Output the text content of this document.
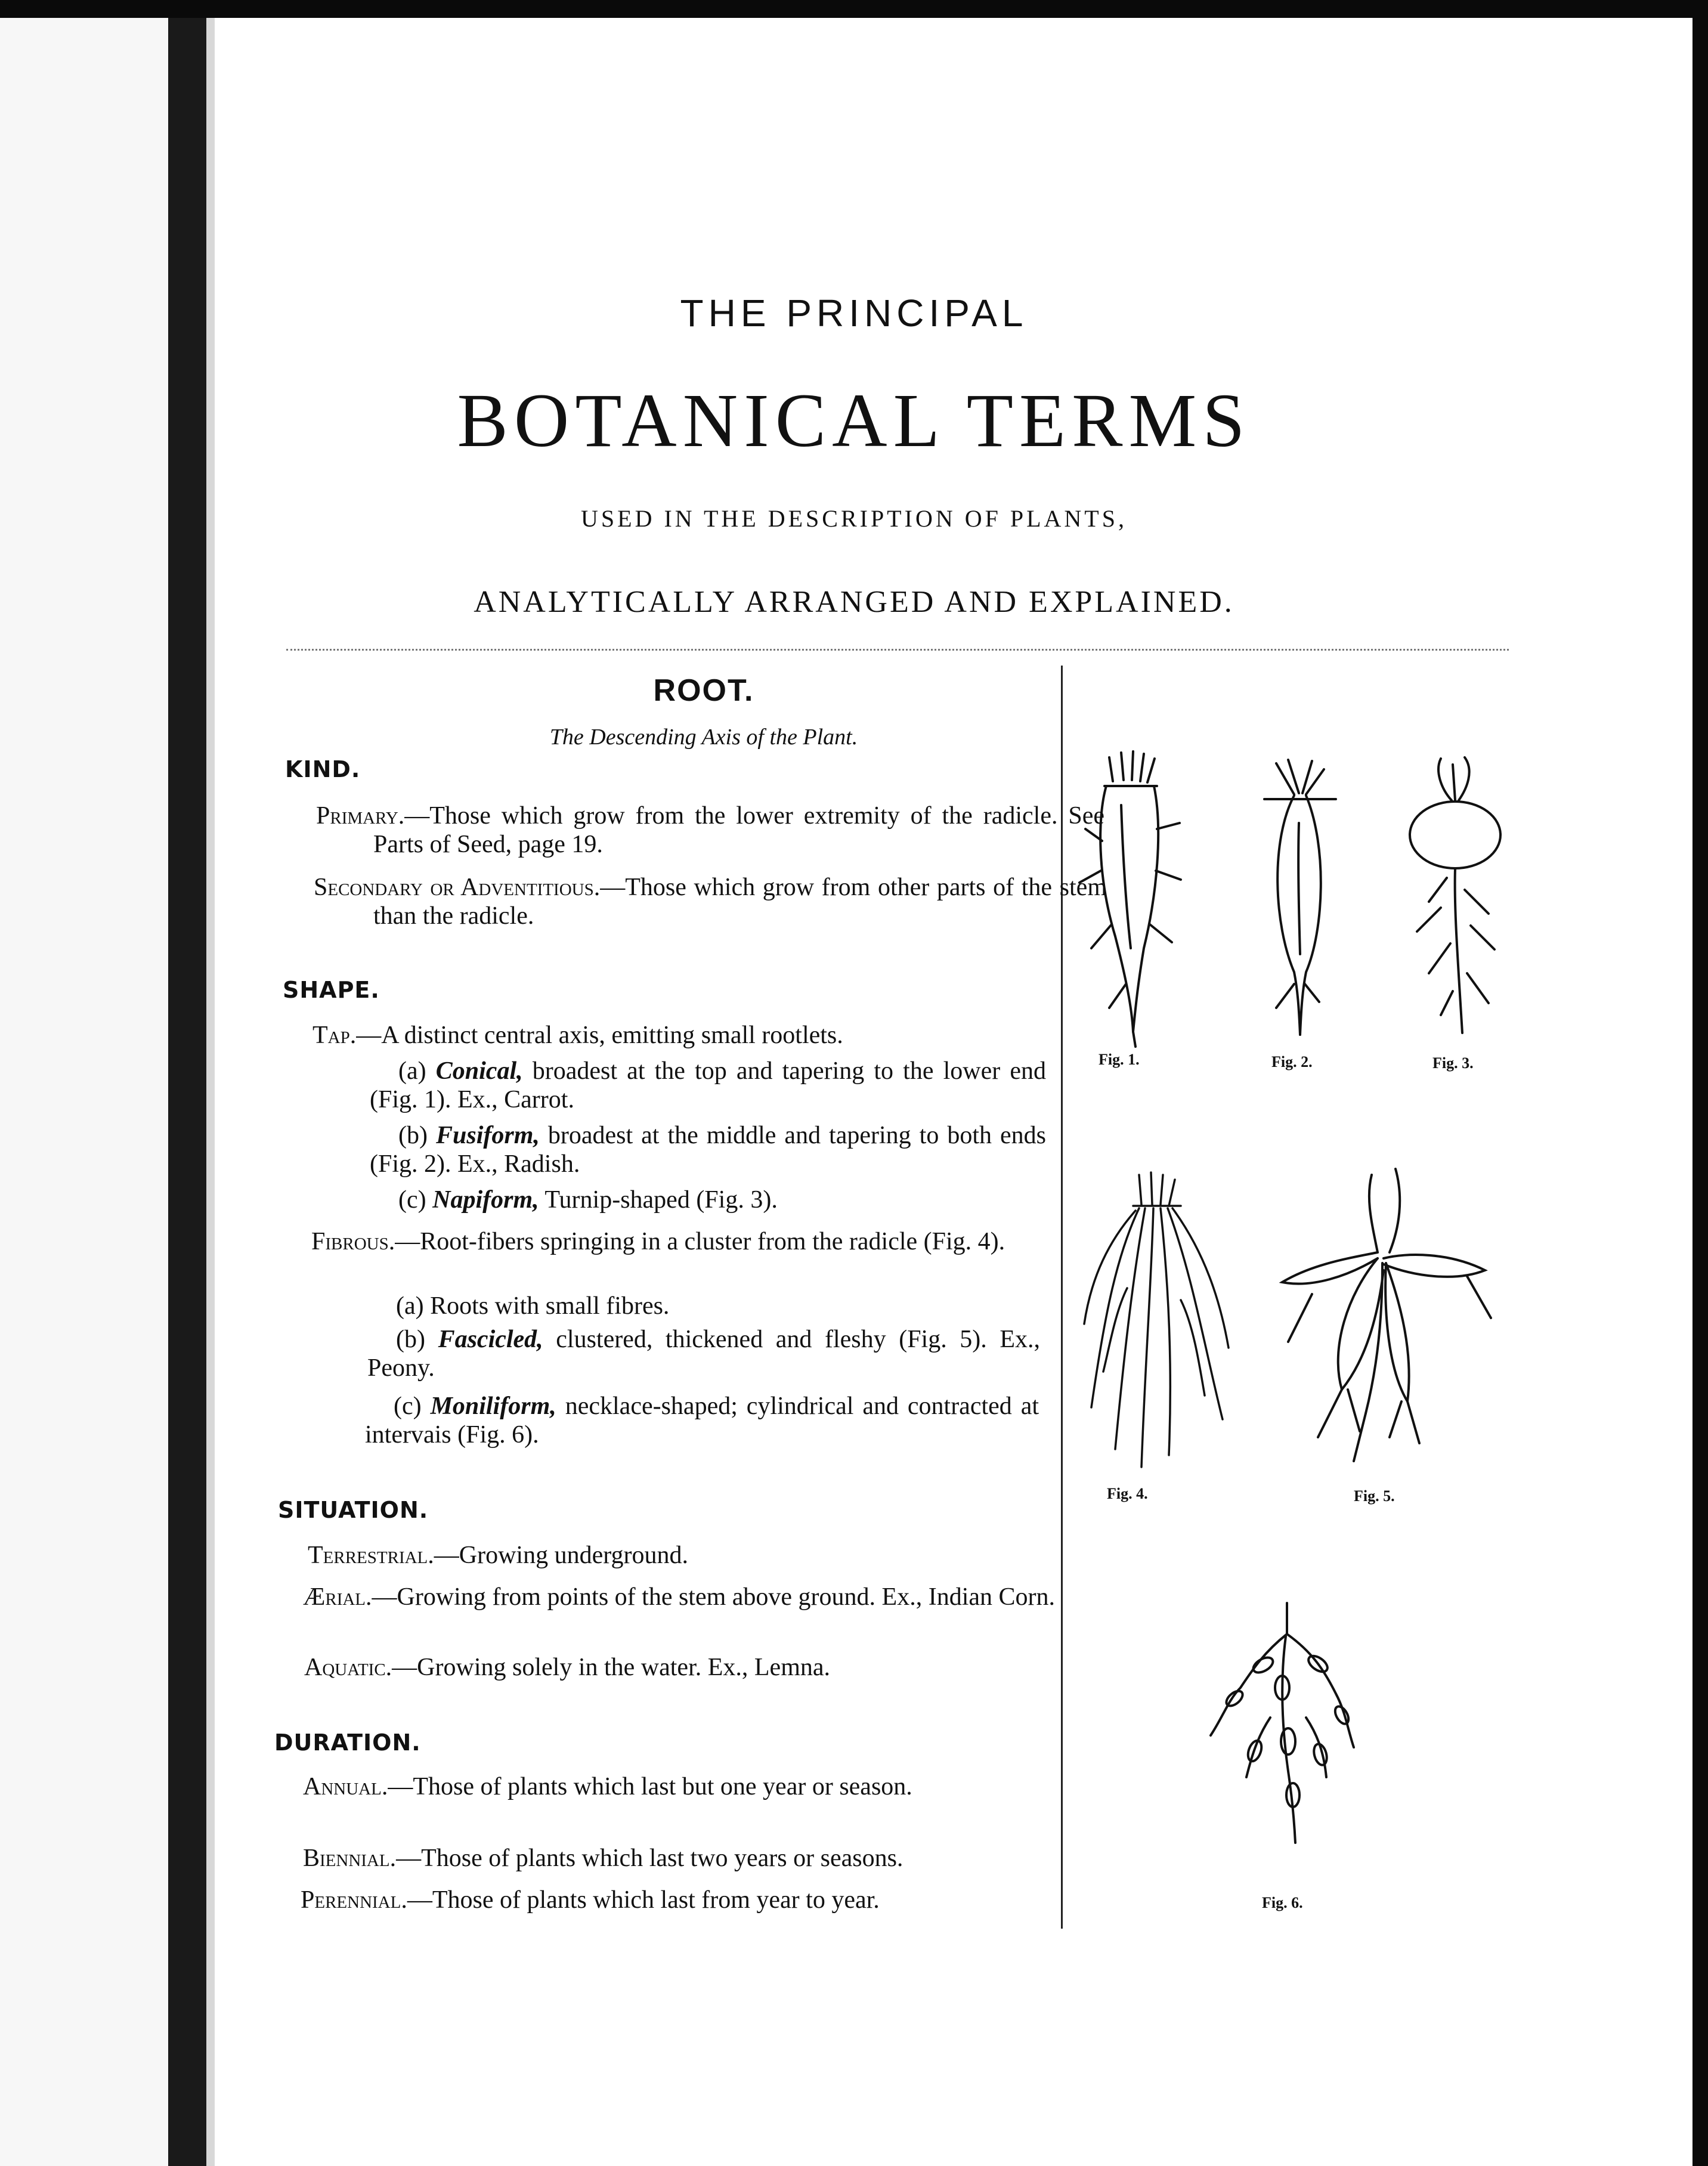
THE PRINCIPAL
BOTANICAL TERMS

USED IN THE DESCRIPTION OF PLANTS,

ANALYTICALLY ARRANGED AND EXPLAINED.

ROOT.

The Descending Axis of the Plant.

KIND.

Primary.—Those which grow from the lower extremity of the radicle. See Parts of Seed, page 19.

Secondary or Adventitious.—Those which grow from other parts of the stem than the radicle.

SHAPE.

Tap.—A distinct central axis, emitting small rootlets.

(a) Conical, broadest at the top and tapering to the lower end (Fig. 1). Ex., Carrot.

(b) Fusiform, broadest at the middle and tapering to both ends (Fig. 2). Ex., Radish.

(c) Napiform, Turnip-shaped (Fig. 3).

Fibrous.—Root-fibers springing in a cluster from the radicle (Fig. 4).

(a) Roots with small fibres.

(b) Fascicled, clustered, thickened and fleshy (Fig. 5). Ex., Peony.

(c) Moniliform, necklace-shaped; cylindrical and contracted at intervais (Fig. 6).

SITUATION.

Terrestrial.—Growing underground.

Ærial.—Growing from points of the stem above ground. Ex., Indian Corn.

Aquatic.—Growing solely in the water. Ex., Lemna.

DURATION.

Annual.—Those of plants which last but one year or season.

Biennial.—Those of plants which last two years or seasons.

Perennial.—Those of plants which last from year to year.

Fig. 1.	Fig. 2.	Fig. 3.

Fig. 4.	Fig. 5.

Fig. 6.
